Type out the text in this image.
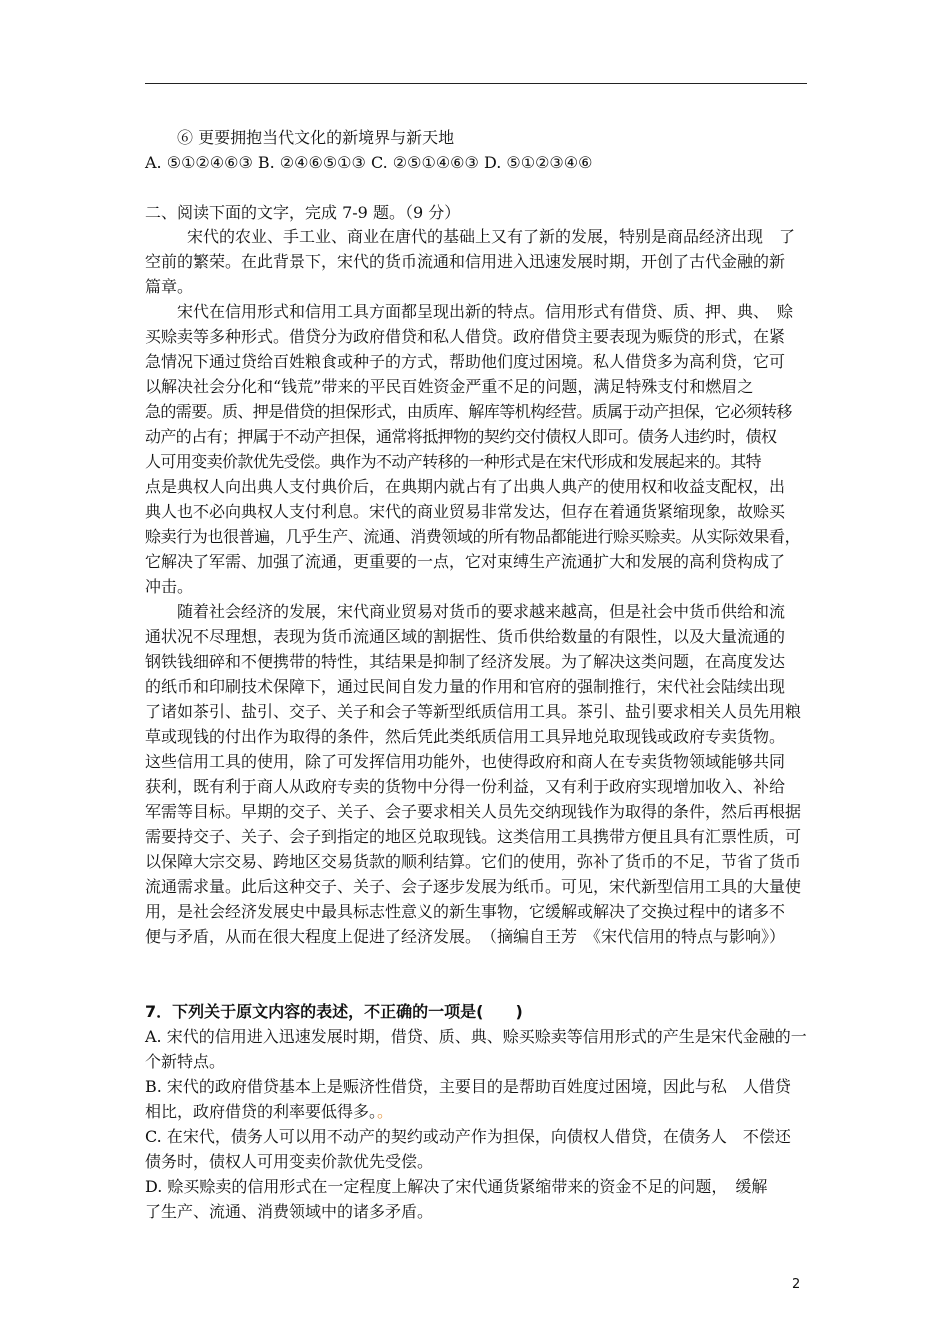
⑥ 更要拥抱当代文化的新境界与新天地
A. ⑤①②④⑥③ B. ②④⑥⑤①③ C. ②⑤①④⑥③ D. ⑤①②③④⑥
二、阅读下面的文字，完成 7-9 题。（9 分）
宋代的农业、手工业、商业在唐代的基础上又有了新的发展，特别是商品经济出现　了
空前的繁荣。在此背景下，宋代的货币流通和信用进入迅速发展时期，开创了古代金融的新
篇章。
宋代在信用形式和信用工具方面都呈现出新的特点。信用形式有借贷、质、押、典、　赊
买赊卖等多种形式。借贷分为政府借贷和私人借贷。政府借贷主要表现为赈贷的形式，在紧
急情况下通过贷给百姓粮食或种子的方式，帮助他们度过困境。私人借贷多为高利贷，它可
以解决社会分化和“钱荒”带来的平民百姓资金严重不足的问题，满足特殊支付和燃眉之
急的需要。质、押是借贷的担保形式，由质库、解库等机构经营。质属于动产担保，它必须转移
动产的占有；押属于不动产担保，通常将抵押物的契约交付债权人即可。债务人违约时，债权
人可用变卖价款优先受偿。典作为不动产转移的一种形式是在宋代形成和发展起来的。其特
点是典权人向出典人支付典价后，在典期内就占有了出典人典产的使用权和收益支配权，出
典人也不必向典权人支付利息。宋代的商业贸易非常发达，但存在着通货紧缩现象，故赊买
赊卖行为也很普遍，几乎生产、流通、消费领域的所有物品都能进行赊买赊卖。从实际效果看，
它解决了军需、加强了流通，更重要的一点，它对束缚生产流通扩大和发展的高利贷构成了
冲击。
随着社会经济的发展，宋代商业贸易对货币的要求越来越高，但是社会中货币供给和流
通状况不尽理想，表现为货币流通区域的割据性、货币供给数量的有限性，以及大量流通的
钢铁钱细碎和不便携带的特性，其结果是抑制了经济发展。为了解决这类问题，在高度发达
的纸币和印刷技术保障下，通过民间自发力量的作用和官府的强制推行，宋代社会陆续出现
了诸如茶引、盐引、交子、关子和会子等新型纸质信用工具。茶引、盐引要求相关人员先用粮
草或现钱的付出作为取得的条件，然后凭此类纸质信用工具异地兑取现钱或政府专卖货物。
这些信用工具的使用，除了可发挥信用功能外，也使得政府和商人在专卖货物领域能够共同
获利，既有利于商人从政府专卖的货物中分得一份利益，又有利于政府实现增加收入、补给
军需等目标。早期的交子、关子、会子要求相关人员先交纳现钱作为取得的条件，然后再根据
需要持交子、关子、会子到指定的地区兑取现钱。这类信用工具携带方便且具有汇票性质，可
以保障大宗交易、跨地区交易货款的顺利结算。它们的使用，弥补了货币的不足，节省了货币
流通需求量。此后这种交子、关子、会子逐步发展为纸币。可见，宋代新型信用工具的大量使
用，是社会经济发展史中最具标志性意义的新生事物，它缓解或解决了交换过程中的诸多不
便与矛盾，从而在很大程度上促进了经济发展。　（摘编自王芳　《宋代信用的特点与影响》）
7．下列关于原文内容的表述，不正确的一项是(　　)
A. 宋代的信用进入迅速发展时期，借贷、质、典、赊买赊卖等信用形式的产生是宋代金融的一
个新特点。
B. 宋代的政府借贷基本上是赈济性借贷，主要目的是帮助百姓度过困境，因此与私　人借贷
相比，政府借贷的利率要低得多。。
C. 在宋代，债务人可以用不动产的契约或动产作为担保，向债权人借贷，在债务人　不偿还
债务时，债权人可用变卖价款优先受偿。
D. 赊买赊卖的信用形式在一定程度上解决了宋代通货紧缩带来的资金不足的问题，　缓解
了生产、流通、消费领域中的诸多矛盾。
2
